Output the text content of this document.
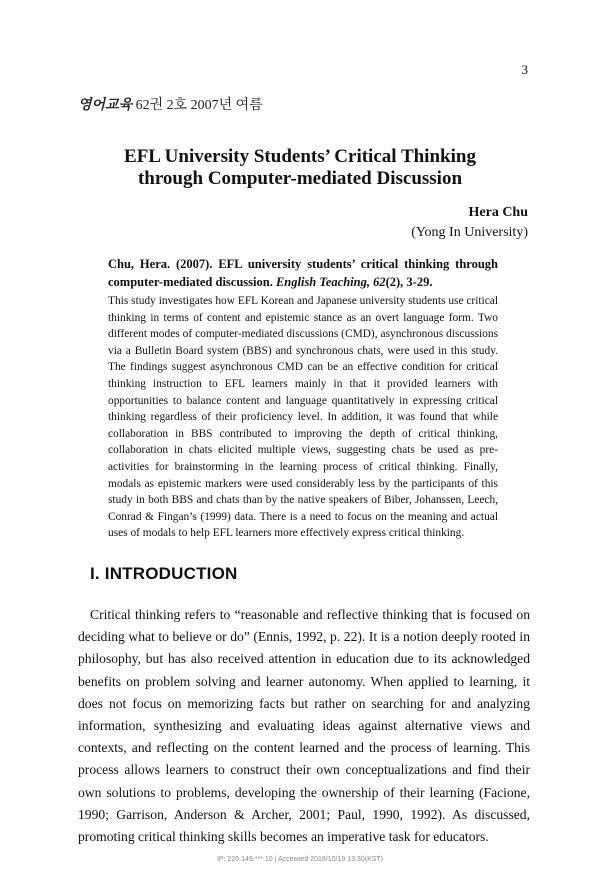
3
영어교육 62권 2호 2007년 여름
EFL University Students’ Critical Thinking
through Computer-mediated Discussion
Hera Chu
(Yong In University)
Chu, Hera. (2007). EFL university students’ critical thinking through computer-mediated discussion. English Teaching, 62(2), 3-29.

This study investigates how EFL Korean and Japanese university students use critical thinking in terms of content and epistemic stance as an overt language form. Two different modes of computer-mediated discussions (CMD), asynchronous discussions via a Bulletin Board system (BBS) and synchronous chats, were used in this study. The findings suggest asynchronous CMD can be an effective condition for critical thinking instruction to EFL learners mainly in that it provided learners with opportunities to balance content and language quantitatively in expressing critical thinking regardless of their proficiency level. In addition, it was found that while collaboration in BBS contributed to improving the depth of critical thinking, collaboration in chats elicited multiple views, suggesting chats be used as pre-activities for brainstorming in the learning process of critical thinking. Finally, modals as epistemic markers were used considerably less by the participants of this study in both BBS and chats than by the native speakers of Biber, Johanssen, Leech, Conrad & Fingan’s (1999) data. There is a need to focus on the meaning and actual uses of modals to help EFL learners more effectively express critical thinking.

I. INTRODUCTION

Critical thinking refers to “reasonable and reflective thinking that is focused on deciding what to believe or do” (Ennis, 1992, p. 22). It is a notion deeply rooted in philosophy, but has also received attention in education due to its acknowledged benefits on problem solving and learner autonomy. When applied to learning, it does not focus on memorizing facts but rather on searching for and analyzing information, synthesizing and evaluating ideas against alternative views and contexts, and reflecting on the content learned and the process of learning. This process allows learners to construct their own conceptualizations and find their own solutions to problems, developing the ownership of their learning (Facione, 1990; Garrison, Anderson & Archer, 2001; Paul, 1990, 1992). As discussed, promoting critical thinking skills becomes an imperative task for educators.

IP: 220.149.***.10 | Accessed 2018/10/19 13:30(KST)
